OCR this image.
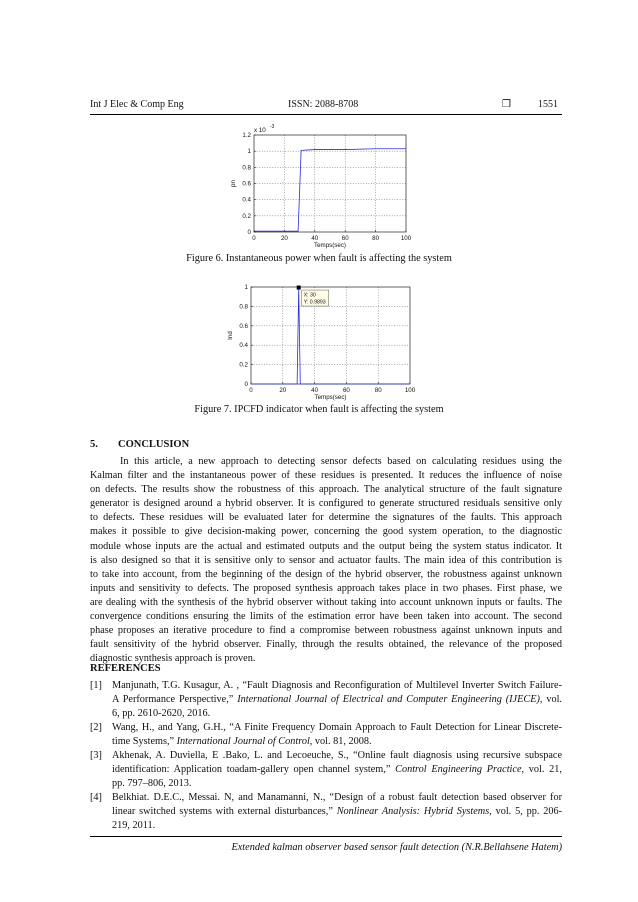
Int J Elec & Comp Eng	ISSN: 2088-8708	❒	1551
0	20	40	60	80	100
0
0.2
0.4
0.6
0.8
1
1.2
Temps(sec)
pn
x 10 -3
Figure 6. Instantaneous power when fault is affecting the system
0	20	40	60	80	100
0
0.2
0.4
0.6
0.8
1
Temps(sec)
Ind
X: 30
Y: 0.9893
Figure 7. IPCFD indicator when fault is affecting the system
5. CONCLUSION
In this article, a new approach to detecting sensor defects based on calculating residues using the
Kalman filter and the instantaneous power of these residues is presented. It reduces the influence of noise
on defects. The results show the robustness of this approach. The analytical structure of the fault signature
generator is designed around a hybrid observer. It is configured to generate structured residuals sensitive only
to defects. These residues will be evaluated later for determine the signatures of the faults. This approach
makes it possible to give decision-making power, concerning the good system operation, to the diagnostic
module whose inputs are the actual and estimated outputs and the output being the system status indicator. It
is also designed so that it is sensitive only to sensor and actuator faults. The main idea of this contribution is
to take into account, from the beginning of the design of the hybrid observer, the robustness against unknown
inputs and sensitivity to defects. The proposed synthesis approach takes place in two phases. First phase, we
are dealing with the synthesis of the hybrid observer without taking into account unknown inputs or faults. The
convergence conditions ensuring the limits of the estimation error have been taken into account. The second
phase proposes an iterative procedure to find a compromise between robustness against unknown inputs and
fault sensitivity of the hybrid observer. Finally, through the results obtained, the relevance of the proposed
diagnostic synthesis approach is proven.
REFERENCES
Extended kalman observer based sensor fault detection (N.R.Bellahsene Hatem)
[1] Manjunath, T.G. Kusagur, A. , “Fault Diagnosis and Reconfiguration of Multilevel Inverter Switch Failure-
A Performance Perspective,” International Journal of Electrical and Computer Engineering (IJECE), vol.
6, pp. 2610-2620, 2016.
[2] Wang, H., and Yang, G.H., “A Finite Frequency Domain Approach to Fault Detection for Linear Discrete-
time Systems,” International Journal of Control, vol. 81, 2008.
[3] Akhenak, A. Duviella, E .Bako, L. and Lecoeuche, S., “Online fault diagnosis using recursive subspace
identification: Application toadam-gallery open channel system,” Control Engineering Practice, vol. 21,
pp. 797–806, 2013.
[4] Belkhiat. D.E.C., Messai. N, and Manamanni, N., “Design of a robust fault detection based observer for
linear switched systems with external disturbances,” Nonlinear Analysis: Hybrid Systems, vol. 5, pp. 206-
219, 2011.
